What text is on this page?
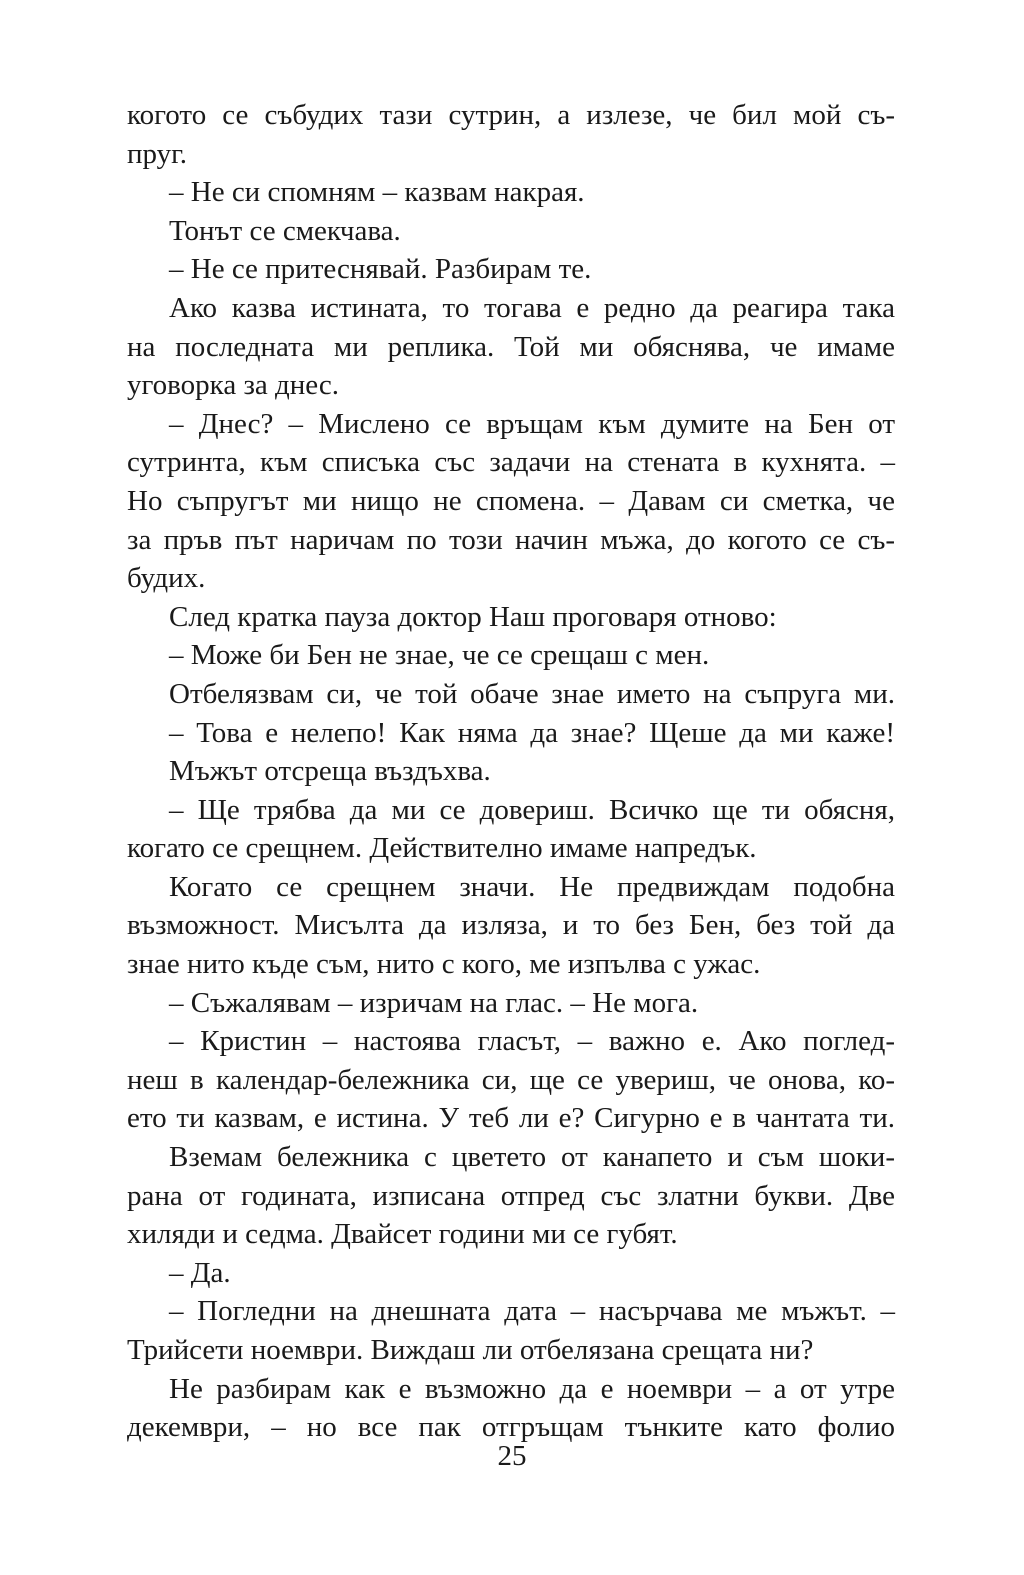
когото се събудих тази сутрин, а излезе, че бил мой съ-
пруг.
– Не си спомням – казвам накрая.
Тонът се смекчава.
– Не се притеснявай. Разбирам те.
Ако казва истината, то тогава е редно да реагира така
на последната ми реплика. Той ми обяснява, че имаме
уговорка за днес.
– Днес? – Мислено се връщам към думите на Бен от
сутринта, към списъка със задачи на стената в кухнята. –
Но съпругът ми нищо не спомена. – Давам си сметка, че
за пръв път наричам по този начин мъжа, до когото се съ-
будих.
След кратка пауза доктор Наш проговаря отново:
– Може би Бен не знае, че се срещаш с мен.
Отбелязвам си, че той обаче знае името на съпруга ми.
– Това е нелепо! Как няма да знае? Щеше да ми каже!
Мъжът отсреща въздъхва.
– Ще трябва да ми се довериш. Всичко ще ти обясня,
когато се срещнем. Действително имаме напредък.
Когато се срещнем значи. Не предвиждам подобна
възможност. Мисълта да изляза, и то без Бен, без той да
знае нито къде съм, нито с кого, ме изпълва с ужас.
– Съжалявам – изричам на глас. – Не мога.
– Кристин – настоява гласът, – важно е. Ако поглед-
неш в календар-бележника си, ще се увериш, че онова, ко-
ето ти казвам, е истина. У теб ли е? Сигурно е в чантата ти.
Вземам бележника с цветето от канапето и съм шоки-
рана от годината, изписана отпред със златни букви. Две
хиляди и седма. Двайсет години ми се губят.
– Да.
– Погледни на днешната дата – насърчава ме мъжът. –
Трийсети ноември. Виждаш ли отбелязана срещата ни?
Не разбирам как е възможно да е ноември – а от утре
декември, – но все пак отгръщам тънките като фолио
25
